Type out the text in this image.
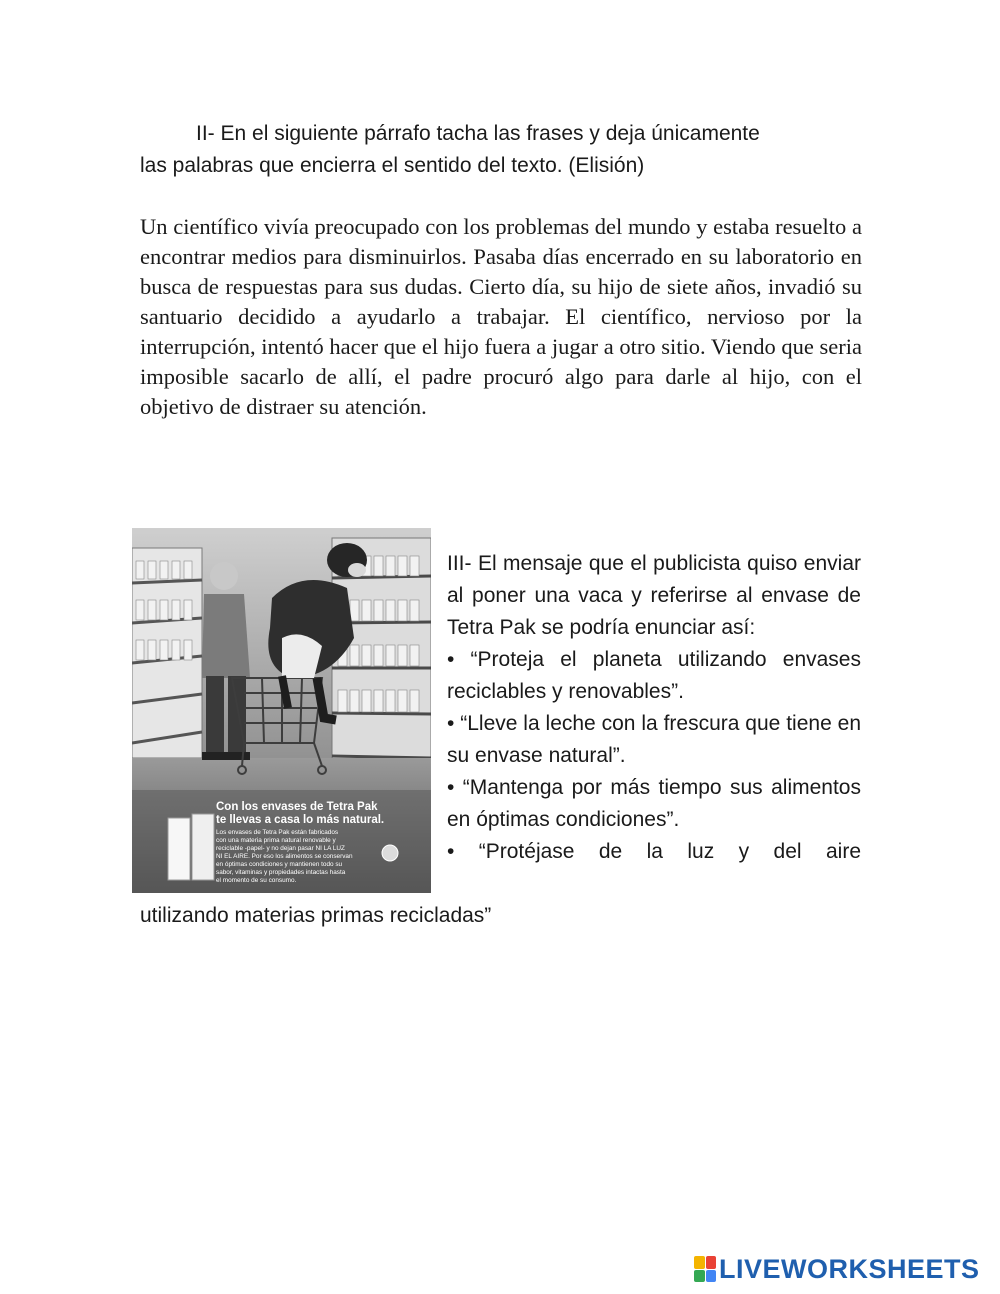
II- En el siguiente párrafo tacha las frases y deja únicamente
las palabras que encierra el sentido del texto. (Elisión)

Un científico vivía preocupado con los problemas del mundo y estaba resuelto a encontrar medios para disminuirlos. Pasaba días encerrado en su laboratorio en busca de respuestas para sus dudas. Cierto día, su hijo de siete años, invadió su santuario decidido a ayudarlo a trabajar. El científico, nervioso por la interrupción, intentó hacer que el hijo fuera a jugar a otro sitio. Viendo que seria imposible sacarlo de allí, el padre procuró algo para darle al hijo, con el objetivo de distraer su atención.

Con los envases de Tetra Pak
te llevas a casa lo más natural.
Los envases de Tetra Pak están fabricados
con una materia prima natural renovable y
reciclable -papel- y no dejan pasar NI LA LUZ
NI EL AIRE. Por eso los alimentos se conservan
en óptimas condiciones y mantienen todo su
sabor, vitaminas y propiedades intactas hasta
el momento de su consumo.

III- El mensaje que el publicista quiso enviar al poner una vaca y referirse al envase de Tetra Pak se podría enunciar así:

• “Proteja el planeta utilizando envases reciclables y renovables”.

• “Lleve la leche con la frescura que tiene en su envase natural”.

• “Mantenga por más tiempo sus alimentos en óptimas condiciones”.

• “Protéjase de la luz y del aire

utilizando materias primas recicladas”
LIVEWORKSHEETS
